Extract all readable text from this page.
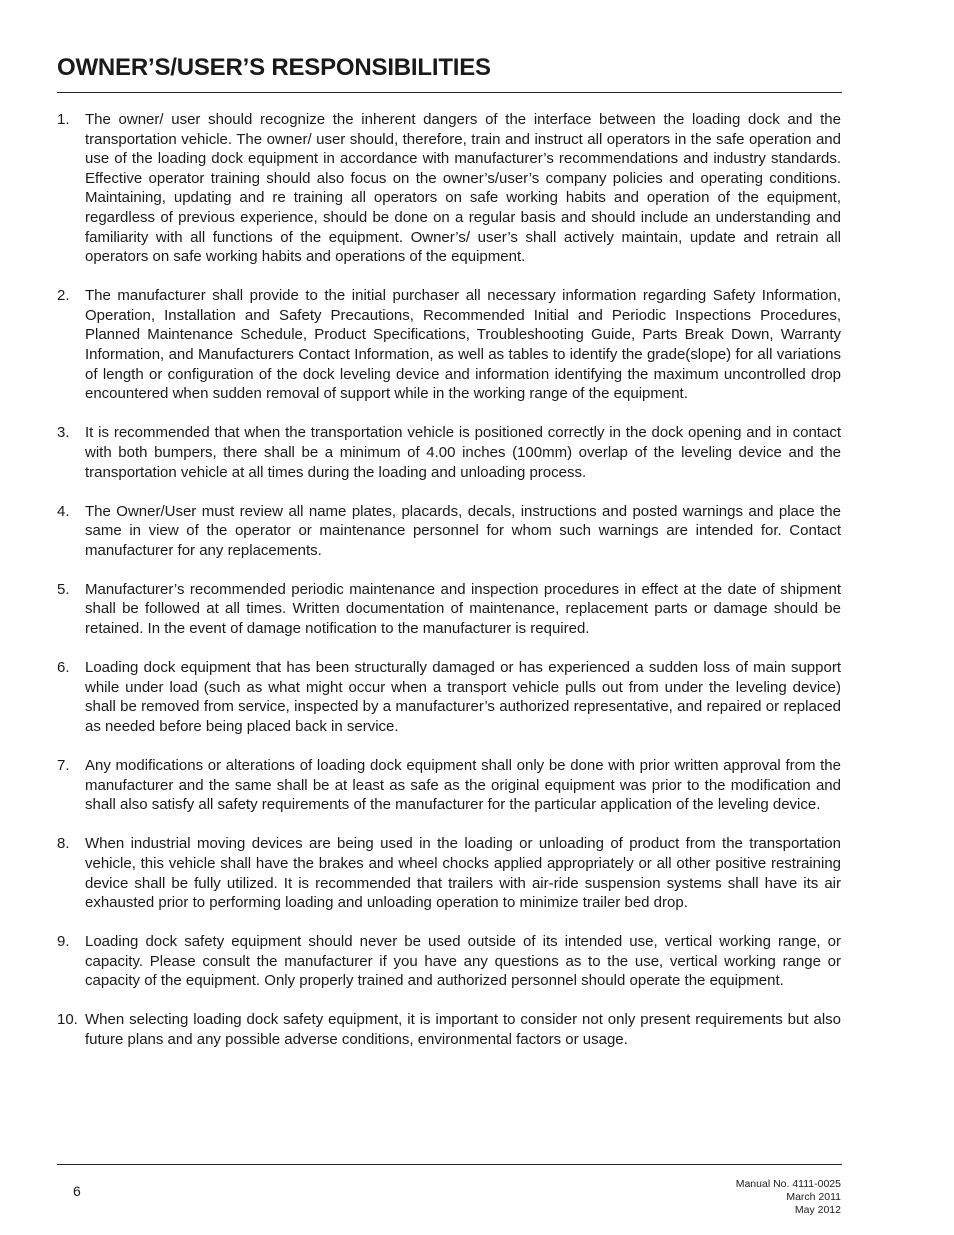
OWNER’S/USER’S RESPONSIBILITIES
1. The owner/ user should recognize the inherent dangers of the interface between the loading dock and the transportation vehicle. The owner/ user should, therefore, train and instruct all operators in the safe operation and use of the loading dock equipment in accordance with manufacturer’s recommendations and industry standards. Effective operator training should also focus on the owner’s/user’s company policies and operating conditions. Maintaining, updating and re training all operators on safe working habits and operation of the equipment, regardless of previous experience, should be done on a regular basis and should include an understanding and familiarity with all functions of the equipment. Owner’s/ user’s shall actively maintain, update and retrain all operators on safe working habits and operations of the equipment.
2. The manufacturer shall provide to the initial purchaser all necessary information regarding Safety Information, Operation, Installation and Safety Precautions, Recommended Initial and Periodic Inspections Procedures, Planned Maintenance Schedule, Product Specifications, Troubleshooting Guide, Parts Break Down, Warranty Information, and Manufacturers Contact Information, as well as tables to identify the grade(slope) for all variations of length or configuration of the dock leveling device and information identifying the maximum uncontrolled drop encountered when sudden removal of support while in the working range of the equipment.
3. It is recommended that when the transportation vehicle is positioned correctly in the dock opening and in contact with both bumpers, there shall be a minimum of 4.00 inches (100mm) overlap of the leveling device and the transportation vehicle at all times during the loading and unloading process.
4. The Owner/User must review all name plates, placards, decals, instructions and posted warnings and place the same in view of the operator or maintenance personnel for whom such warnings are intended for. Contact manufacturer for any replacements.
5. Manufacturer’s recommended periodic maintenance and inspection procedures in effect at the date of shipment shall be followed at all times. Written documentation of maintenance, replacement parts or damage should be retained. In the event of damage notification to the manufacturer is required.
6. Loading dock equipment that has been structurally damaged or has experienced a sudden loss of main support while under load (such as what might occur when a transport vehicle pulls out from under the leveling device) shall be removed from service, inspected by a manufacturer’s authorized representative, and repaired or replaced as needed before being placed back in service.
7. Any modifications or alterations of loading dock equipment shall only be done with prior written approval from the manufacturer and the same shall be at least as safe as the original equipment was prior to the modification and shall also satisfy all safety requirements of the manufacturer for the particular application of the leveling device.
8. When industrial moving devices are being used in the loading or unloading of product from the transportation vehicle, this vehicle shall have the brakes and wheel chocks applied appropriately or all other positive restraining device shall be fully utilized. It is recommended that trailers with air-ride suspension systems shall have its air exhausted prior to performing loading and unloading operation to minimize trailer bed drop.
9. Loading dock safety equipment should never be used outside of its intended use, vertical working range, or capacity. Please consult the manufacturer if you have any questions as to the use, vertical working range or capacity of the equipment. Only properly trained and authorized personnel should operate the equipment.
10. When selecting loading dock safety equipment, it is important to consider not only present requirements but also future plans and any possible adverse conditions, environmental factors or usage.
6	Manual No. 4111-0025
March 2011
May 2012
